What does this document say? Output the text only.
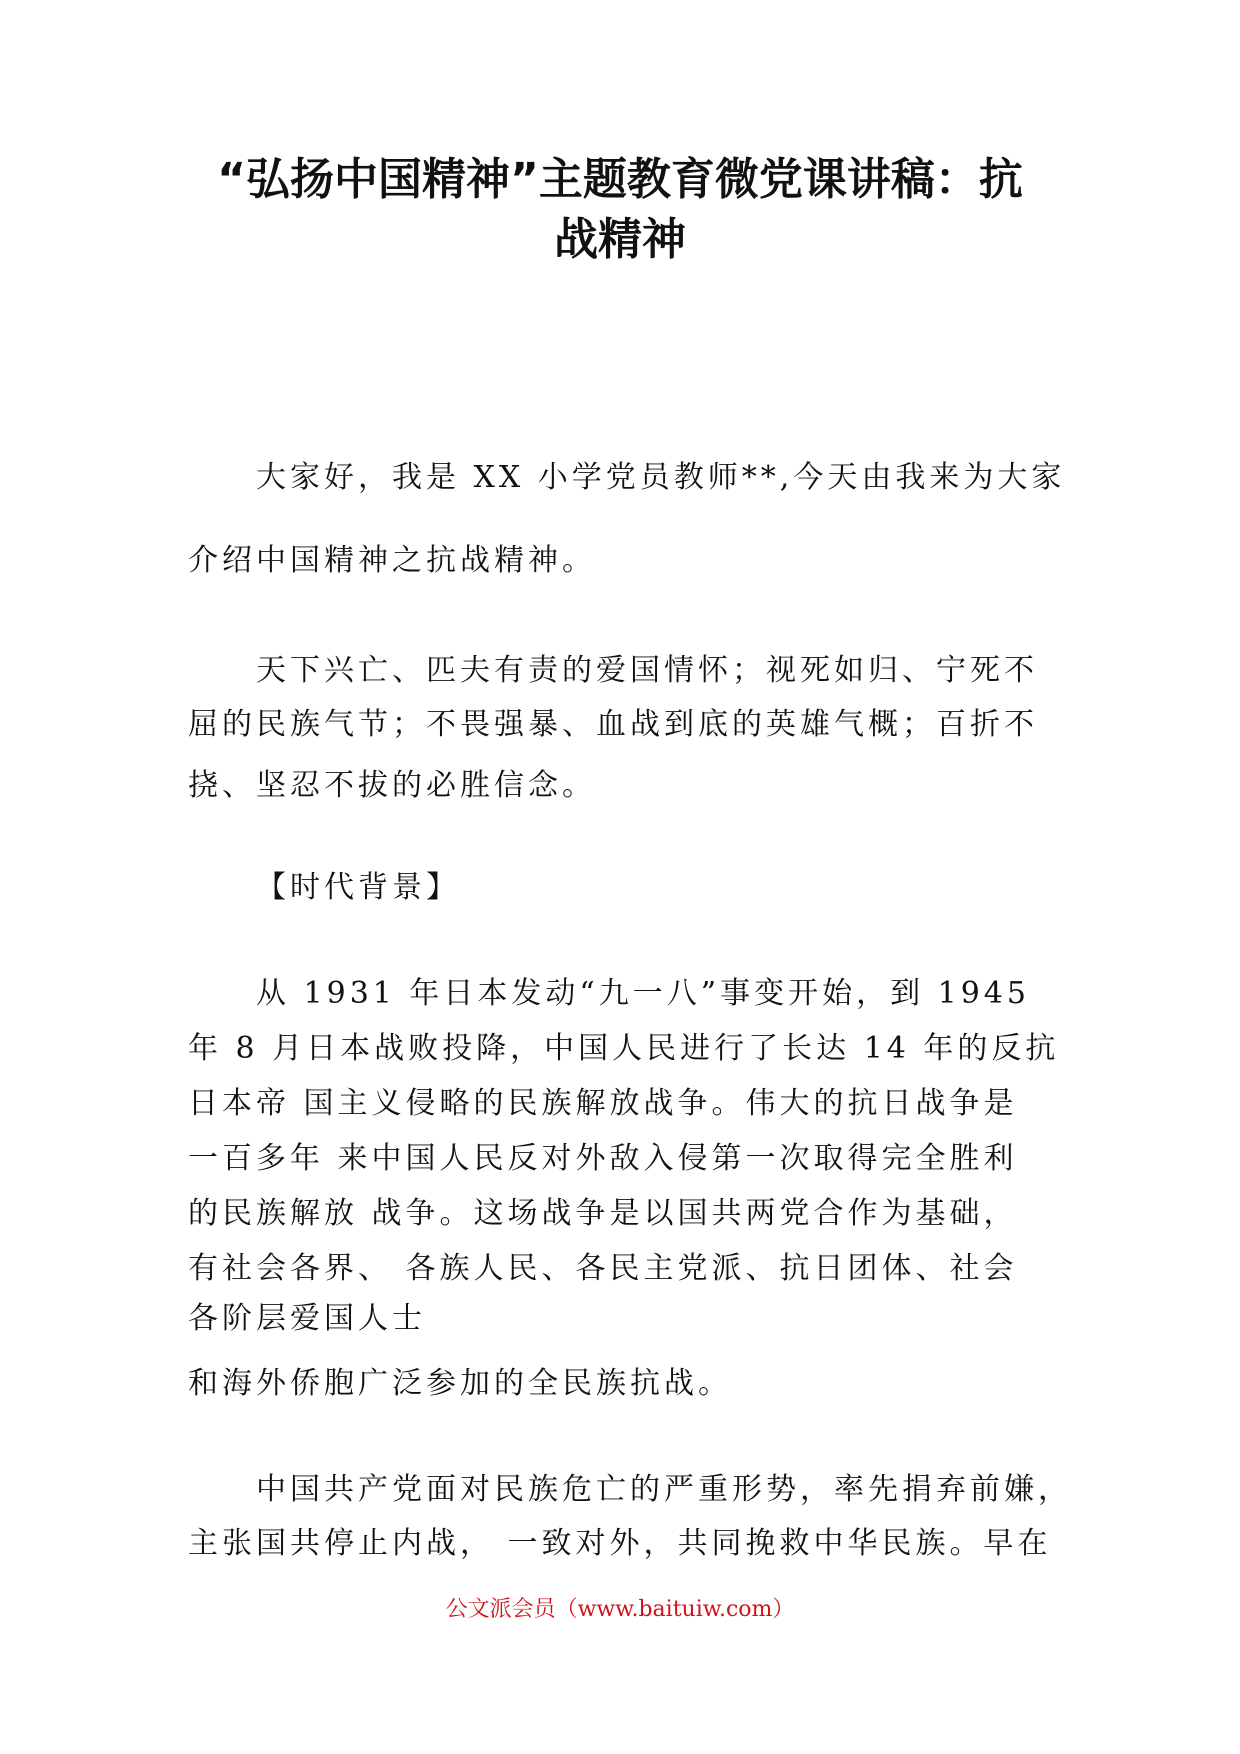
“弘扬中国精神”主题教育微党课讲稿：抗
战精神

大家好，我是 XX 小学党员教师**,今天由我来为大家

介绍中国精神之抗战精神。

天下兴亡、匹夫有责的爱国情怀；视死如归、宁死不

屈的民族气节；不畏强暴、血战到底的英雄气概；百折不

挠、坚忍不拔的必胜信念。

【时代背景】

从 1931 年日本发动“九一八”事变开始，到 1945

年 8 月日本战败投降，中国人民进行了长达 14 年的反抗

日本帝 国主义侵略的民族解放战争。伟大的抗日战争是

一百多年 来中国人民反对外敌入侵第一次取得完全胜利

的民族解放 战争。这场战争是以国共两党合作为基础，

有社会各界、 各族人民、各民主党派、抗日团体、社会

各阶层爱国人士

和海外侨胞广泛参加的全民族抗战。

中国共产党面对民族危亡的严重形势，率先捐弃前嫌，

主张国共停止内战， 一致对外，共同挽救中华民族。早在

公文派会员（www.baituiw.com）
